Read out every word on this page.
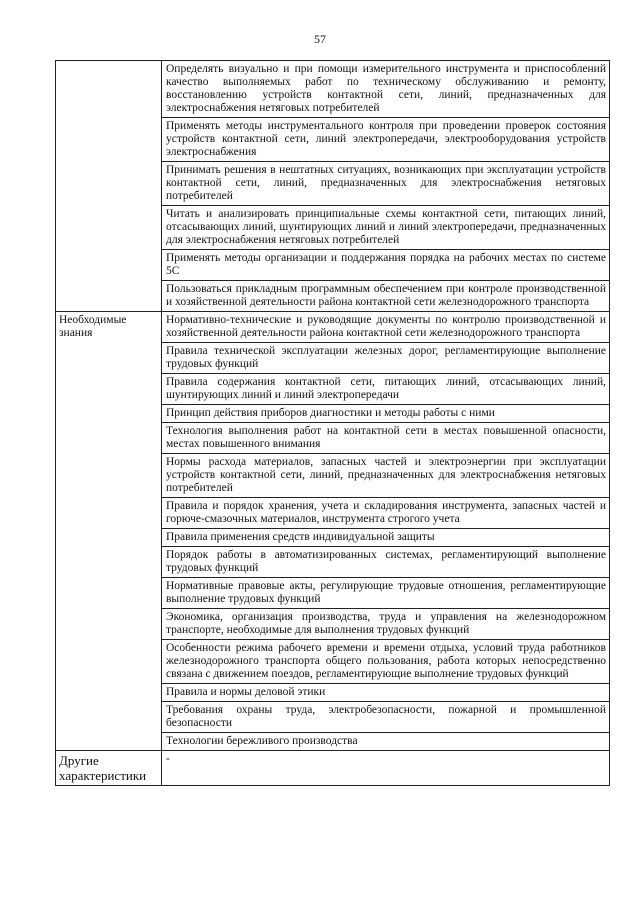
57
	Определять визуально и при помощи измерительного инструмента и приспособлений качество выполняемых работ по техническому обслуживанию и ремонту, восстановлению устройств контактной сети, линий, предназначенных для электроснабжения нетяговых потребителей
	Применять методы инструментального контроля при проведении проверок состояния устройств контактной сети, линий электропередачи, электрооборудования устройств электроснабжения
	Принимать решения в нештатных ситуациях, возникающих при эксплуатации устройств контактной сети, линий, предназначенных для электроснабжения нетяговых потребителей
	Читать и анализировать принципиальные схемы контактной сети, питающих линий, отсасывающих линий, шунтирующих линий и линий электропередачи, предназначенных для электроснабжения нетяговых потребителей
	Применять методы организации и поддержания порядка на рабочих местах по системе 5С
	Пользоваться прикладным программным обеспечением при контроле производственной и хозяйственной деятельности района контактной сети железнодорожного транспорта
Необходимые знания	Нормативно-технические и руководящие документы по контролю производственной и хозяйственной деятельности района контактной сети железнодорожного транспорта
	Правила технической эксплуатации железных дорог, регламентирующие выполнение трудовых функций
	Правила содержания контактной сети, питающих линий, отсасывающих линий, шунтирующих линий и линий электропередачи
	Принцип действия приборов диагностики и методы работы с ними
	Технология выполнения работ на контактной сети в местах повышенной опасности, местах повышенного внимания
	Нормы расхода материалов, запасных частей и электроэнергии при эксплуатации устройств контактной сети, линий, предназначенных для электроснабжения нетяговых потребителей
	Правила и порядок хранения, учета и складирования инструмента, запасных частей и горюче-смазочных материалов, инструмента строгого учета
	Правила применения средств индивидуальной защиты
	Порядок работы в автоматизированных системах, регламентирующий выполнение трудовых функций
	Нормативные правовые акты, регулирующие трудовые отношения, регламентирующие выполнение трудовых функций
	Экономика, организация производства, труда и управления на железнодорожном транспорте, необходимые для выполнения трудовых функций
	Особенности режима рабочего времени и времени отдыха, условий труда работников железнодорожного транспорта общего пользования, работа которых непосредственно связана с движением поездов, регламентирующие выполнение трудовых функций
	Правила и нормы деловой этики
	Требования охраны труда, электробезопасности, пожарной и промышленной безопасности
	Технологии бережливого производства
Другие характеристики	-
